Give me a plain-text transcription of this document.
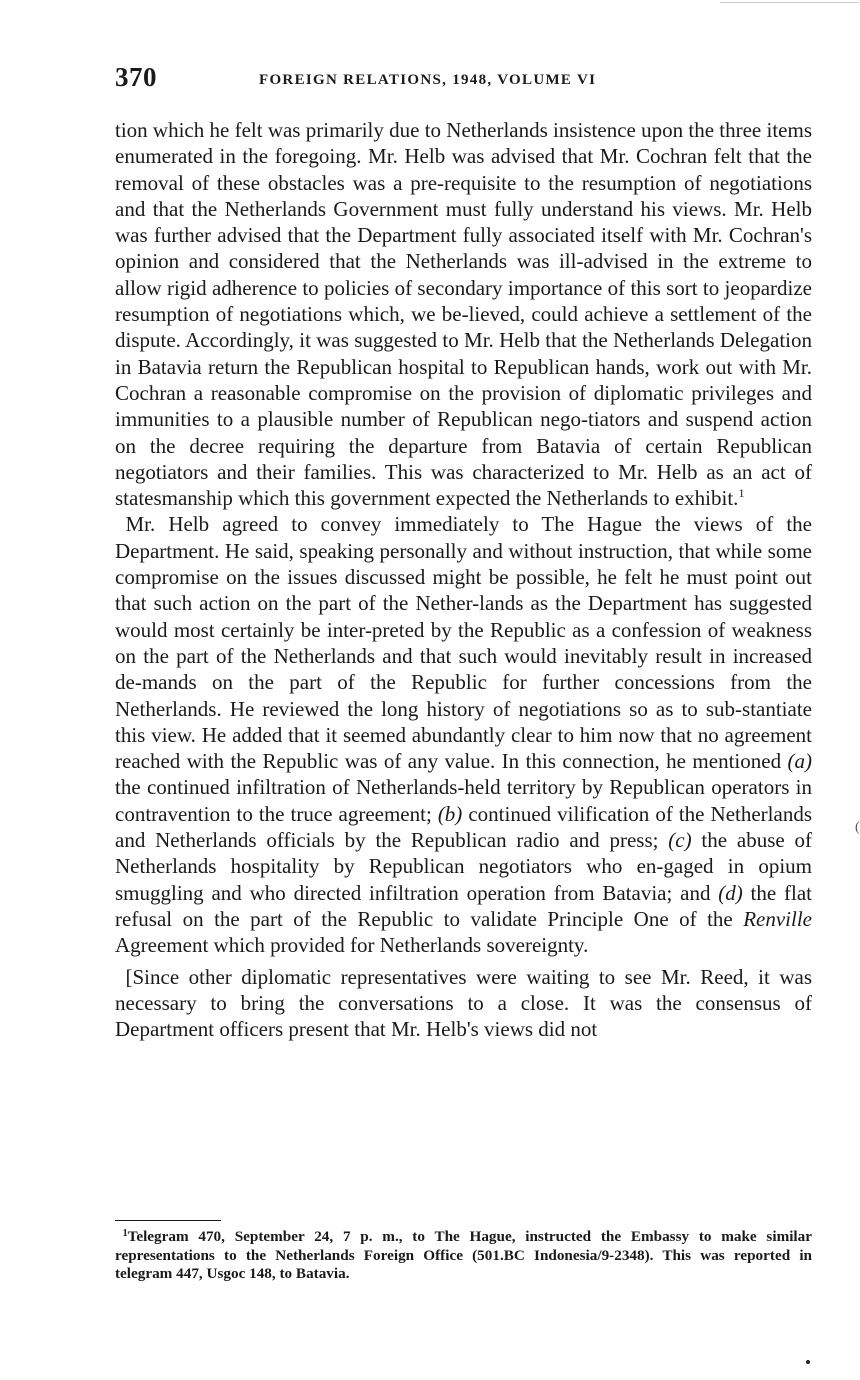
370	FOREIGN RELATIONS, 1948, VOLUME VI

tion which he felt was primarily due to Netherlands insistence upon the three items enumerated in the foregoing. Mr. Helb was advised that Mr. Cochran felt that the removal of these obstacles was a pre-requisite to the resumption of negotiations and that the Netherlands Government must fully understand his views. Mr. Helb was further advised that the Department fully associated itself with Mr. Cochran's opinion and considered that the Netherlands was ill-advised in the extreme to allow rigid adherence to policies of secondary importance of this sort to jeopardize resumption of negotiations which, we be-lieved, could achieve a settlement of the dispute. Accordingly, it was suggested to Mr. Helb that the Netherlands Delegation in Batavia return the Republican hospital to Republican hands, work out with Mr. Cochran a reasonable compromise on the provision of diplomatic privileges and immunities to a plausible number of Republican nego-tiators and suspend action on the decree requiring the departure from Batavia of certain Republican negotiators and their families. This was characterized to Mr. Helb as an act of statesmanship which this government expected the Netherlands to exhibit.$^1$

 Mr. Helb agreed to convey immediately to The Hague the views of the Department. He said, speaking personally and without instruction, that while some compromise on the issues discussed might be possible, he felt he must point out that such action on the part of the Nether-lands as the Department has suggested would most certainly be inter-preted by the Republic as a confession of weakness on the part of the Netherlands and that such would inevitably result in increased de-mands on the part of the Republic for further concessions from the Netherlands. He reviewed the long history of negotiations so as to sub-stantiate this view. He added that it seemed abundantly clear to him now that no agreement reached with the Republic was of any value. In this connection, he mentioned (a) the continued infiltration of Netherlands-held territory by Republican operators in contravention to the truce agreement; (b) continued vilification of the Netherlands and Netherlands officials by the Republican radio and press; (c) the abuse of Netherlands hospitality by Republican negotiators who en-gaged in opium smuggling and who directed infiltration operation from Batavia; and (d) the flat refusal on the part of the Republic to validate Principle One of the Renville Agreement which provided for Netherlands sovereignty.

 [Since other diplomatic representatives were waiting to see Mr. Reed, it was necessary to bring the conversations to a close. It was the consensus of Department officers present that Mr. Helb's views did not

(
 $^1$Telegram 470, September 24, 7 p. m., to The Hague, instructed the Embassy to make similar representations to the Netherlands Foreign Office (501.BC Indonesia/9-2348). This was reported in telegram 447, Usgoc 148, to Batavia.
